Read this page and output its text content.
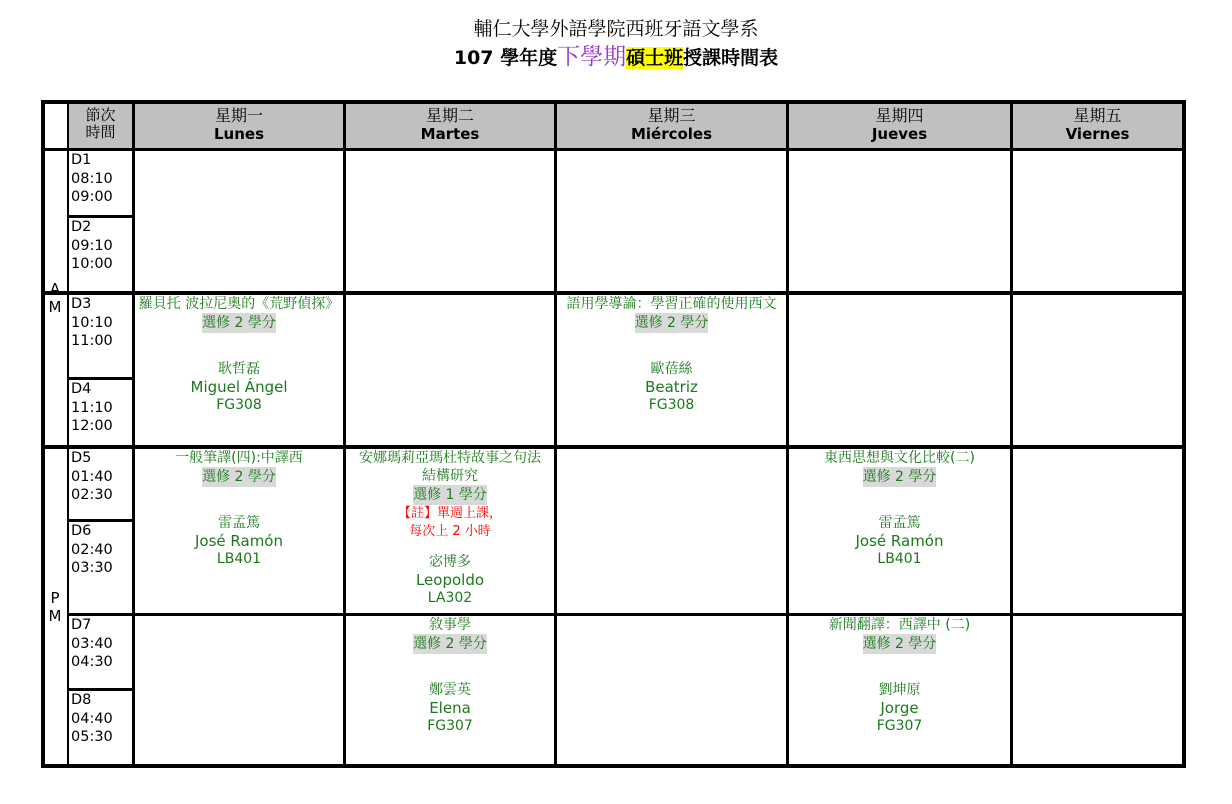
輔仁大學外語學院西班牙語文學系
107 學年度下學期碩士班授課時間表
節次
時間
星期一
Lunes
星期二
Martes
星期三
Miércoles
星期四
Jueves
星期五
Viernes
A
M
P
M
D1
08:10
09:00
D2
09:10
10:00
D3
10:10
11:00
D4
11:10
12:00
D5
01:40
02:30
D6
02:40
03:30
D7
03:40
04:30
D8
04:40
05:30
羅貝托 波拉尼奧的《荒野偵探》
選修 2 學分
耿哲磊
Miguel Ángel
FG308
語用學導論：學習正確的使用西文
選修 2 學分
歐蓓絲
Beatriz
FG308
一般筆譯(四):中譯西
選修 2 學分
雷孟篤
José Ramón
LB401
安娜瑪莉亞瑪杜特故事之句法
結構研究
選修 1 學分
【註】單週上課，
每次上 2 小時
宓博多
Leopoldo
LA302
東西思想與文化比較(二)
選修 2 學分
雷孟篤
José Ramón
LB401
敘事學
選修 2 學分
鄭雲英
Elena
FG307
新聞翻譯：西譯中 (二)
選修 2 學分
劉坤原
Jorge
FG307
